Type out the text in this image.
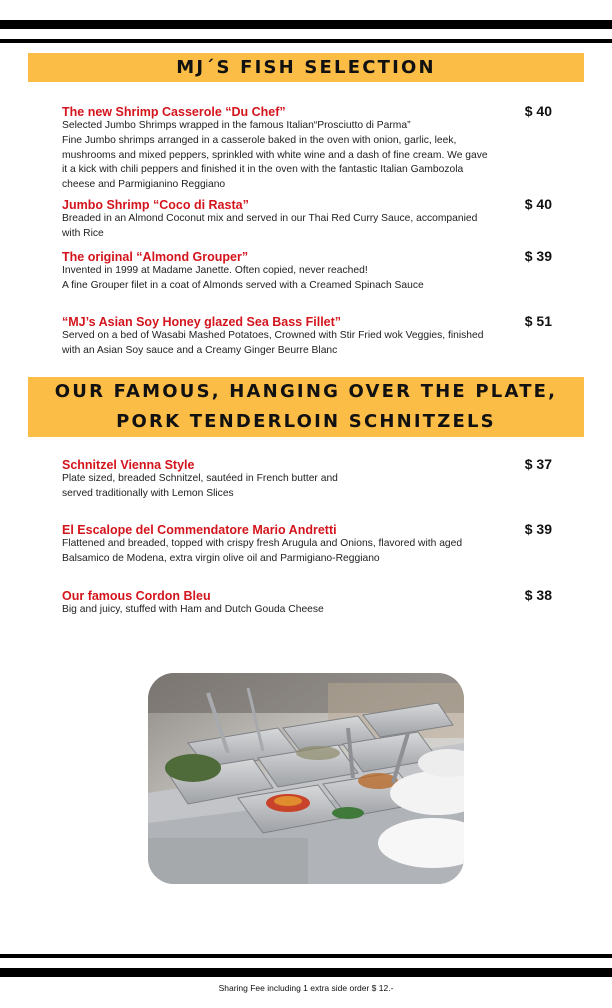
MJ´S FISH SELECTION
The new Shrimp Casserole “Du Chef”	$ 40
Selected Jumbo Shrimps wrapped in the famous Italian“Prosciutto di Parma”
Fine Jumbo shrimps arranged in a casserole baked in the oven with onion, garlic, leek,
mushrooms and mixed peppers, sprinkled with white wine and a dash of fine cream. We gave
it a kick with chili peppers and finished it in the oven with the fantastic Italian Gambozola
cheese and Parmigianino Reggiano
Jumbo Shrimp “Coco di Rasta”	$ 40
Breaded in an Almond Coconut mix and served in our Thai Red Curry Sauce, accompanied
with Rice
The original “Almond Grouper”	$ 39
Invented in 1999 at Madame Janette. Often copied, never reached!
A fine Grouper filet in a coat of Almonds served with a Creamed Spinach Sauce
“MJ’s Asian Soy Honey glazed Sea Bass Fillet”	$ 51
Served on a bed of Wasabi Mashed Potatoes, Crowned with Stir Fried wok Veggies, finished
with an Asian Soy sauce and a Creamy Ginger Beurre Blanc
OUR FAMOUS, HANGING OVER THE PLATE,
PORK TENDERLOIN SCHNITZELS
Schnitzel Vienna Style	$ 37
Plate sized, breaded Schnitzel, sautéed in French butter and
served traditionally with Lemon Slices
El Escalope del Commendatore Mario Andretti	$ 39
Flattened and breaded, topped with crispy fresh Arugula and Onions, flavored with aged
Balsamico de Modena, extra virgin olive oil and Parmigiano-Reggiano
Our famous Cordon Bleu	$ 38
Big and juicy, stuffed with Ham and Dutch Gouda Cheese
Sharing Fee including 1 extra side order $ 12.-
